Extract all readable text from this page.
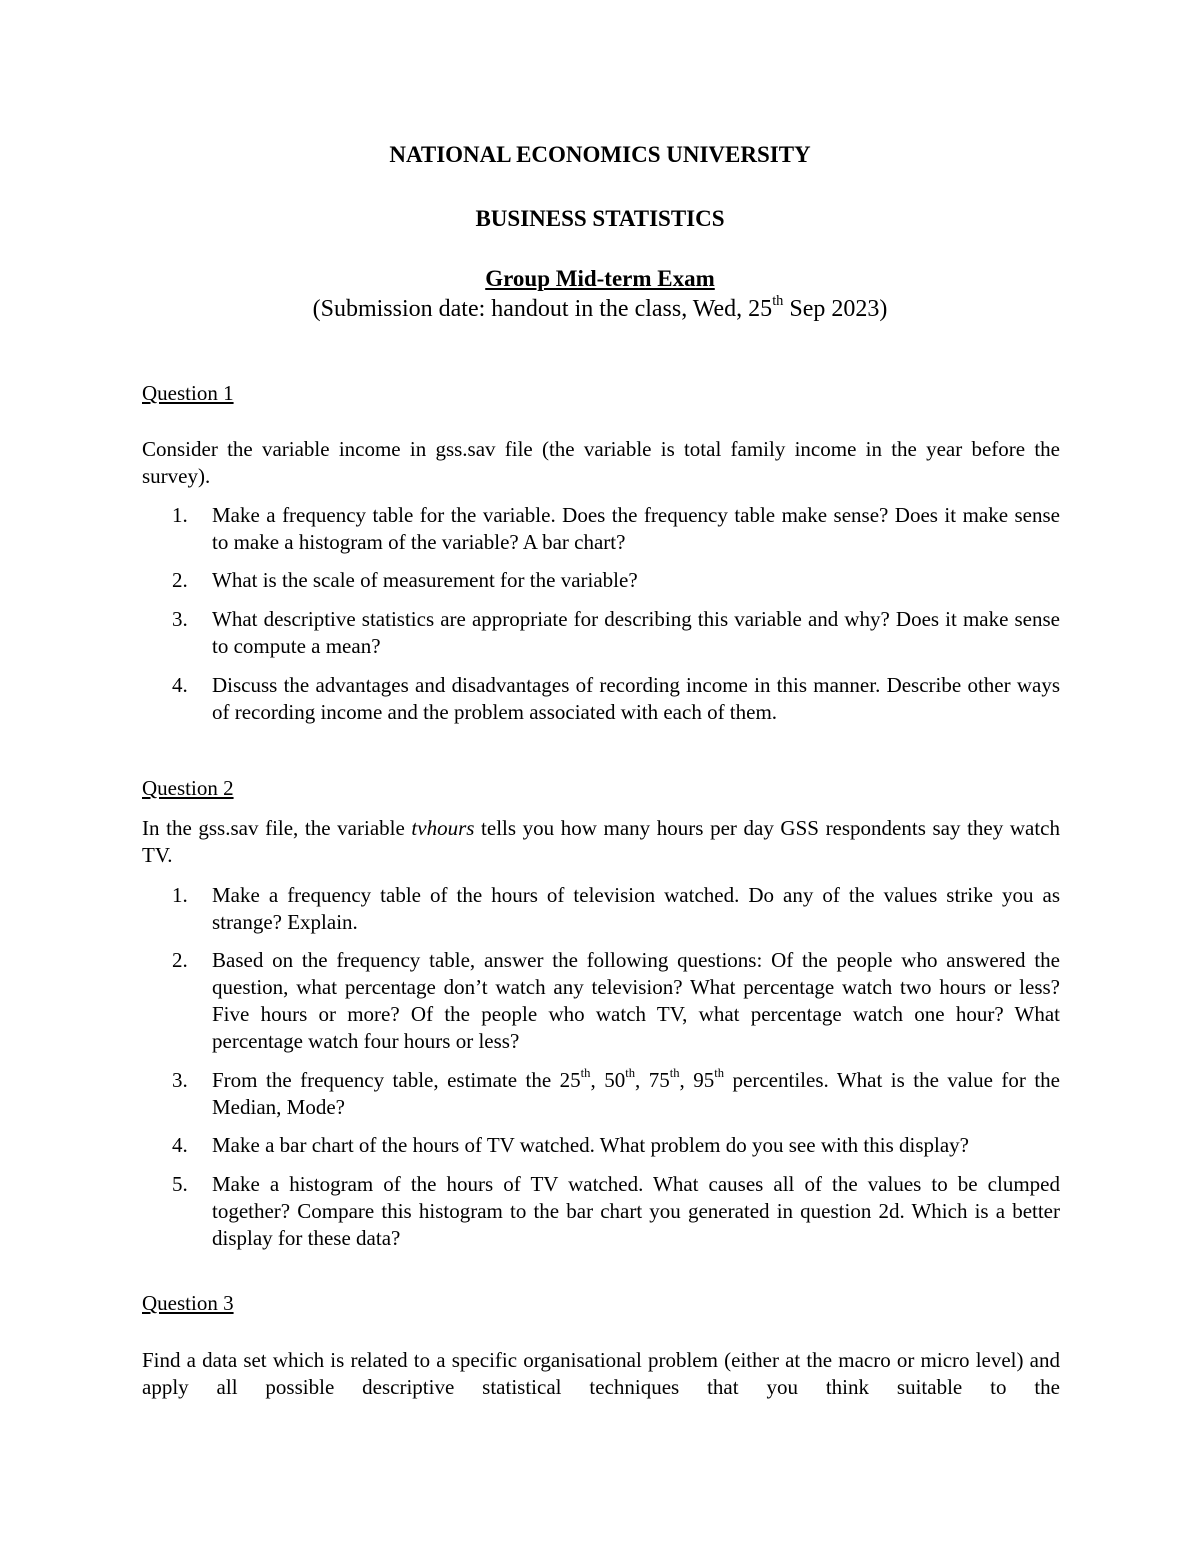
NATIONAL ECONOMICS UNIVERSITY
BUSINESS STATISTICS
Group Mid-term Exam
(Submission date: handout in the class, Wed, 25th Sep 2023)
Question 1
Consider the variable income in gss.sav file (the variable is total family income in the year before the survey).
1.	Make a frequency table for the variable. Does the frequency table make sense? Does it make sense to make a histogram of the variable? A bar chart?
2.	What is the scale of measurement for the variable?
3.	What descriptive statistics are appropriate for describing this variable and why? Does it make sense to compute a mean?
4.	Discuss the advantages and disadvantages of recording income in this manner. Describe other ways of recording income and the problem associated with each of them.
Question 2
In the gss.sav file, the variable tvhours tells you how many hours per day GSS respondents say they watch TV.
1.	Make a frequency table of the hours of television watched. Do any of the values strike you as strange? Explain.
2.	Based on the frequency table, answer the following questions: Of the people who answered the question, what percentage don’t watch any television? What percentage watch two hours or less? Five hours or more? Of the people who watch TV, what percentage watch one hour? What percentage watch four hours or less?
3.	From the frequency table, estimate the 25th, 50th, 75th, 95th percentiles. What is the value for the Median, Mode?
4.	Make a bar chart of the hours of TV watched. What problem do you see with this display?
5.	Make a histogram of the hours of TV watched. What causes all of the values to be clumped together? Compare this histogram to the bar chart you generated in question 2d. Which is a better display for these data?
Question 3
Find a data set which is related to a specific organisational problem (either at the macro or micro level) and apply all possible descriptive statistical techniques that you think suitable to the
